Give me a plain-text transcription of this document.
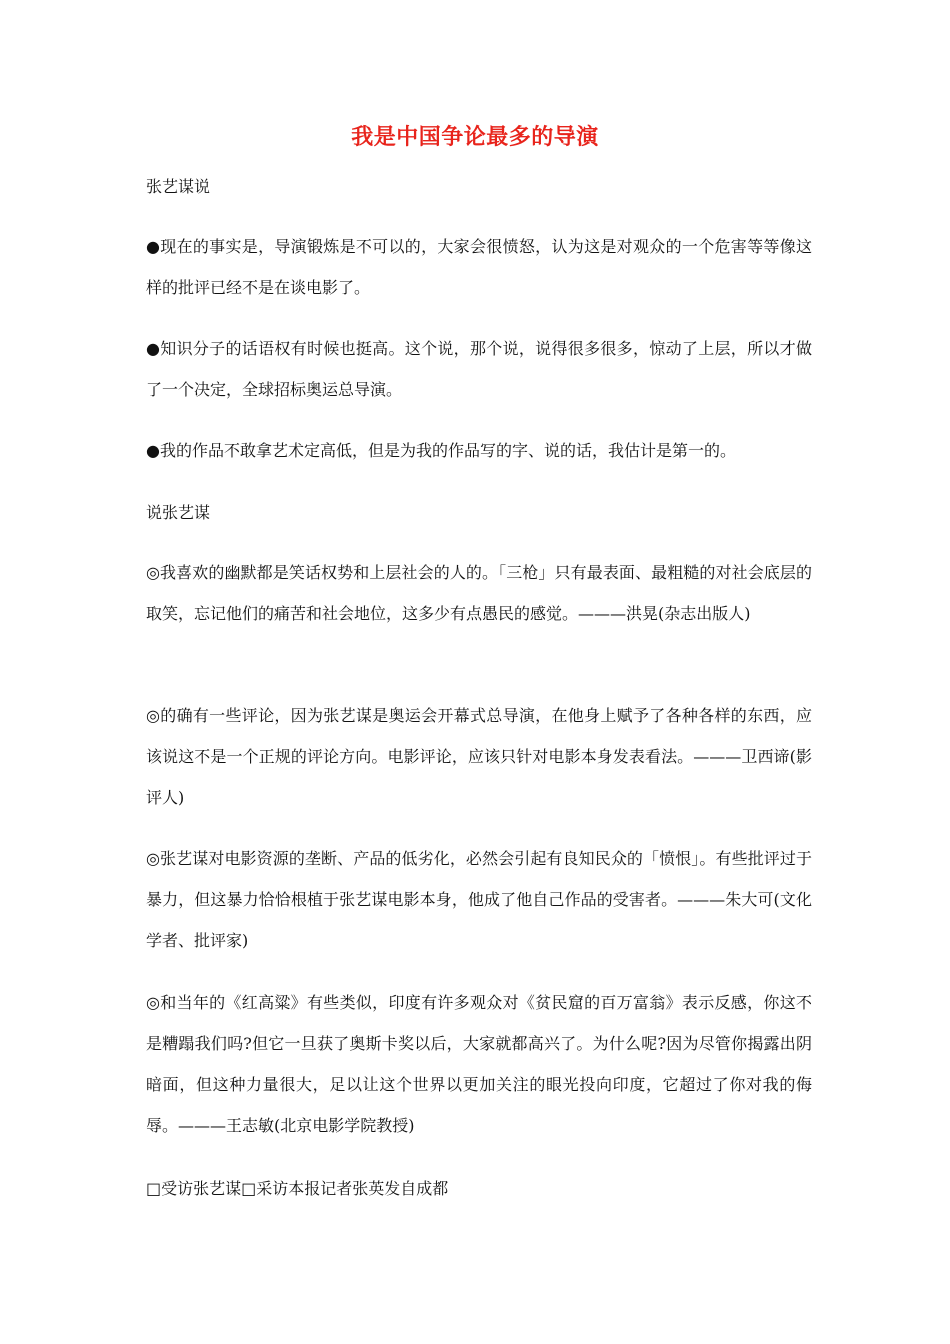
我是中国争论最多的导演
张艺谋说
●现在的事实是，导演锻炼是不可以的，大家会很愤怒，认为这是对观众的一个危害等等像这样的批评已经不是在谈电影了。
●知识分子的话语权有时候也挺高。这个说，那个说，说得很多很多，惊动了上层，所以才做了一个决定，全球招标奥运总导演。
●我的作品不敢拿艺术定高低，但是为我的作品写的字、说的话，我估计是第一的。
说张艺谋
◎我喜欢的幽默都是笑话权势和上层社会的人的。「三枪」只有最表面、最粗糙的对社会底层的取笑，忘记他们的痛苦和社会地位，这多少有点愚民的感觉。———洪晃(杂志出版人)
◎的确有一些评论，因为张艺谋是奥运会开幕式总导演，在他身上赋予了各种各样的东西，应该说这不是一个正规的评论方向。电影评论，应该只针对电影本身发表看法。———卫西谛(影评人)
◎张艺谋对电影资源的垄断、产品的低劣化，必然会引起有良知民众的「愤恨」。有些批评过于暴力，但这暴力恰恰根植于张艺谋电影本身，他成了他自己作品的受害者。———朱大可(文化学者、批评家)
◎和当年的《红高粱》有些类似，印度有许多观众对《贫民窟的百万富翁》表示反感，你这不是糟蹋我们吗?但它一旦获了奥斯卡奖以后，大家就都高兴了。为什么呢?因为尽管你揭露出阴暗面，但这种力量很大，足以让这个世界以更加关注的眼光投向印度，它超过了你对我的侮辱。———王志敏(北京电影学院教授)
□受访张艺谋□采访本报记者张英发自成都
